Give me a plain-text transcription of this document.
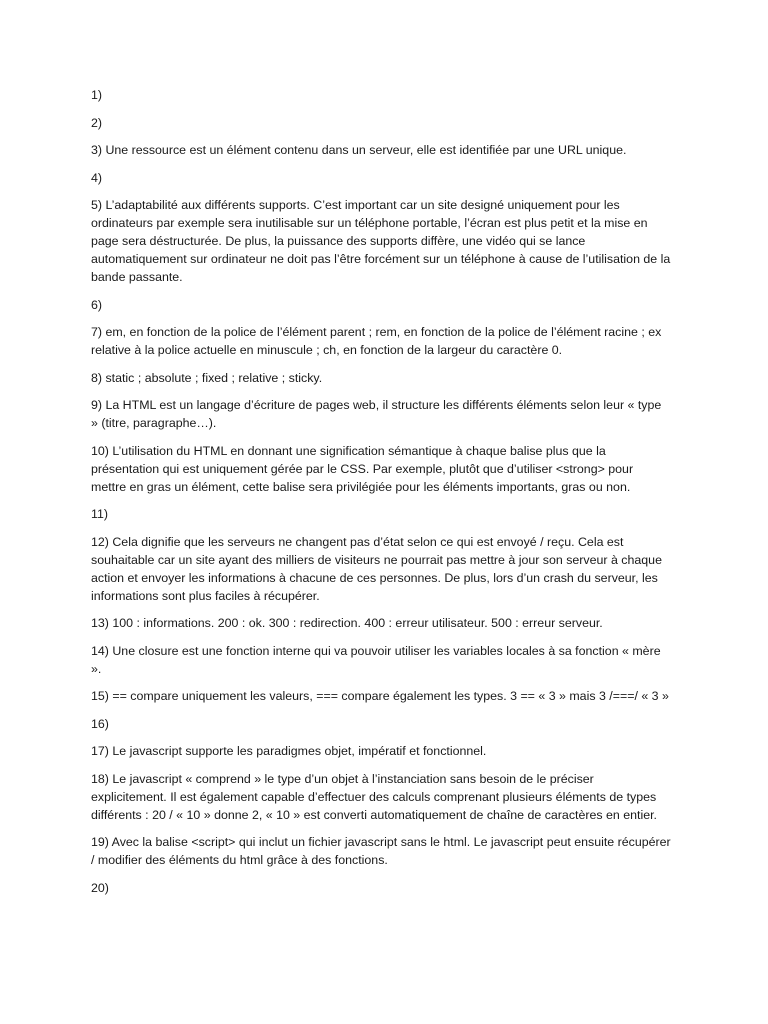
1)

2)

3) Une ressource est un élément contenu dans un serveur, elle est identifiée par une URL unique.

4)

5) L’adaptabilité aux différents supports. C’est important car un site designé uniquement pour les ordinateurs par exemple sera inutilisable sur un téléphone portable, l’écran est plus petit et la mise en page sera déstructurée. De plus, la puissance des supports diffère, une vidéo qui se lance automatiquement sur ordinateur ne doit pas l’être forcément sur un téléphone à cause de l’utilisation de la bande passante.

6)

7) em, en fonction de la police de l’élément parent ; rem, en fonction de la police de l’élément racine ; ex relative à la police actuelle en minuscule ; ch, en fonction de la largeur du caractère 0.

8) static ; absolute ; fixed ; relative ; sticky.

9) La HTML est un langage d’écriture de pages web, il structure les différents éléments selon leur « type » (titre, paragraphe…).

10) L’utilisation du HTML en donnant une signification sémantique à chaque balise plus que la présentation qui est uniquement gérée par le CSS. Par exemple, plutôt que d’utiliser <strong> pour mettre en gras un élément, cette balise sera privilégiée pour les éléments importants, gras ou non.

11)

12) Cela dignifie que les serveurs ne changent pas d’état selon ce qui est envoyé / reçu. Cela est souhaitable car un site ayant des milliers de visiteurs ne pourrait pas mettre à jour son serveur à chaque action et envoyer les informations à chacune de ces personnes. De plus, lors d’un crash du serveur, les informations sont plus faciles à récupérer.

13) 100 : informations. 200 : ok. 300 : redirection. 400 : erreur utilisateur. 500 : erreur serveur.

14) Une closure est une fonction interne qui va pouvoir utiliser les variables locales à sa fonction « mère ».

15) == compare uniquement les valeurs, === compare également les types. 3 == « 3 » mais 3 /===/ « 3 »

16)

17) Le javascript supporte les paradigmes objet, impératif et fonctionnel.

18) Le javascript « comprend » le type d’un objet à l’instanciation sans besoin de le préciser explicitement. Il est également capable d’effectuer des calculs comprenant plusieurs éléments de types différents : 20 / « 10 » donne 2, « 10 » est converti automatiquement de chaîne de caractères en entier.

19) Avec la balise <script> qui inclut un fichier javascript sans le html. Le javascript peut ensuite récupérer / modifier des éléments du html grâce à des fonctions.

20)
